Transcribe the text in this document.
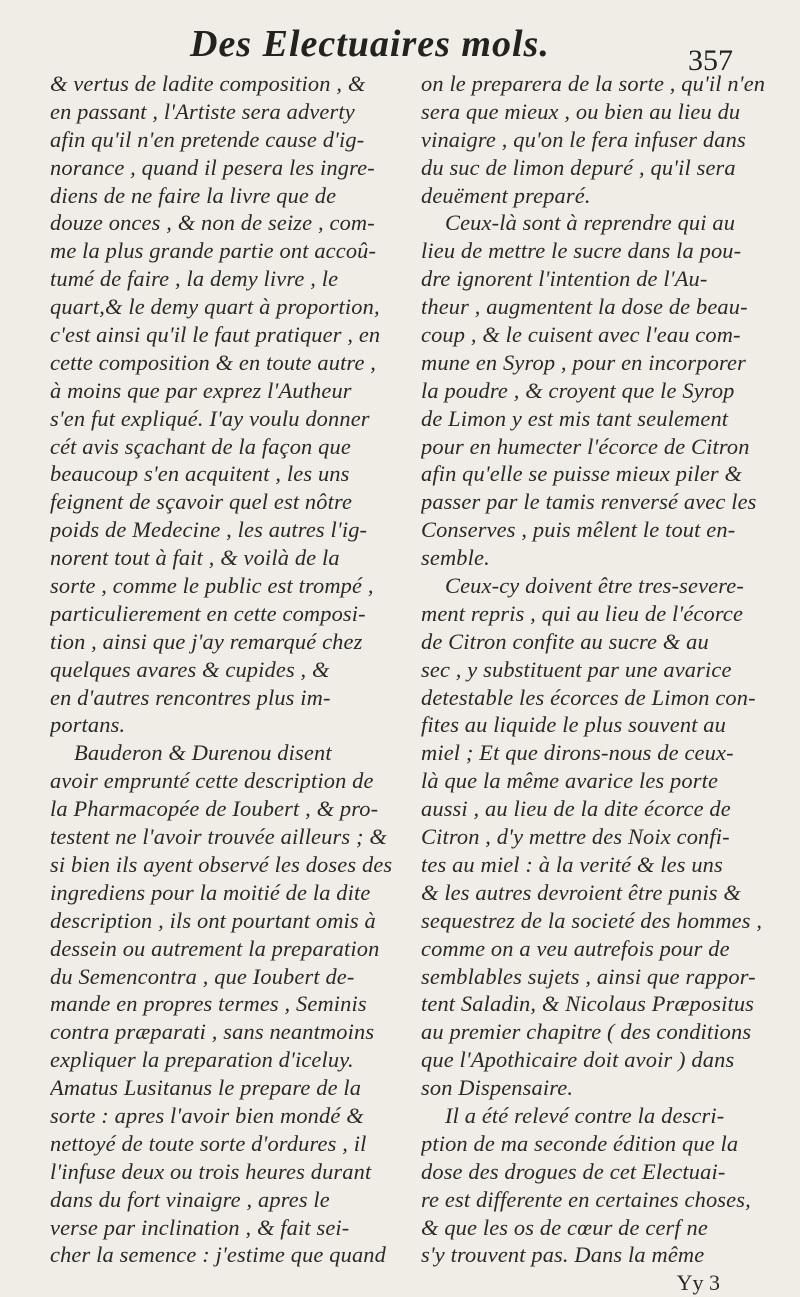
Des Electuaires mols.	357
& vertus de ladite composition , &
en passant , l'Artiste sera adverty
afin qu'il n'en pretende cause d'ig-
norance , quand il pesera les ingre-
diens de ne faire la livre que de
douze onces , & non de seize , com-
me la plus grande partie ont accoû-
tumé de faire , la demy livre , le
quart,& le demy quart à proportion,
c'est ainsi qu'il le faut pratiquer , en
cette composition & en toute autre ,
à moins que par exprez l'Autheur
s'en fut expliqué. I'ay voulu donner
cét avis sçachant de la façon que
beaucoup s'en acquitent , les uns
feignent de sçavoir quel est nôtre
poids de Medecine , les autres l'ig-
norent tout à fait , & voilà de la
sorte , comme le public est trompé ,
particulierement en cette composi-
tion , ainsi que j'ay remarqué chez
quelques avares & cupides , &
en d'autres rencontres plus im-
portans.
Bauderon & Durenou disent
avoir emprunté cette description de
la Pharmacopée de Ioubert , & pro-
testent ne l'avoir trouvée ailleurs ; &
si bien ils ayent observé les doses des
ingrediens pour la moitié de la dite
description , ils ont pourtant omis à
dessein ou autrement la preparation
du Semencontra , que Ioubert de-
mande en propres termes , Seminis
contra præparati , sans neantmoins
expliquer la preparation d'iceluy.
Amatus Lusitanus le prepare de la
sorte : apres l'avoir bien mondé &
nettoyé de toute sorte d'ordures , il
l'infuse deux ou trois heures durant
dans du fort vinaigre , apres le
verse par inclination , & fait sei-
cher la semence : j'estime que quand
on le preparera de la sorte , qu'il n'en
sera que mieux , ou bien au lieu du
vinaigre , qu'on le fera infuser dans
du suc de limon depuré , qu'il sera
deuëment preparé.
Ceux-là sont à reprendre qui au
lieu de mettre le sucre dans la pou-
dre ignorent l'intention de l'Au-
theur , augmentent la dose de beau-
coup , & le cuisent avec l'eau com-
mune en Syrop , pour en incorporer
la poudre , & croyent que le Syrop
de Limon y est mis tant seulement
pour en humecter l'écorce de Citron
afin qu'elle se puisse mieux piler &
passer par le tamis renversé avec les
Conserves , puis mêlent le tout en-
semble.
Ceux-cy doivent être tres-severe-
ment repris , qui au lieu de l'écorce
de Citron confite au sucre & au
sec , y substituent par une avarice
detestable les écorces de Limon con-
fites au liquide le plus souvent au
miel ; Et que dirons-nous de ceux-
là que la même avarice les porte
aussi , au lieu de la dite écorce de
Citron , d'y mettre des Noix confi-
tes au miel : à la verité & les uns
& les autres devroient être punis &
sequestrez de la societé des hommes ,
comme on a veu autrefois pour de
semblables sujets , ainsi que rappor-
tent Saladin, & Nicolaus Præpositus
au premier chapitre ( des conditions
que l'Apothicaire doit avoir ) dans
son Dispensaire.
Il a été relevé contre la descri-
ption de ma seconde édition que la
dose des drogues de cet Electuai-
re est differente en certaines choses,
& que les os de cœur de cerf ne
s'y trouvent pas. Dans la même
Yy 3
